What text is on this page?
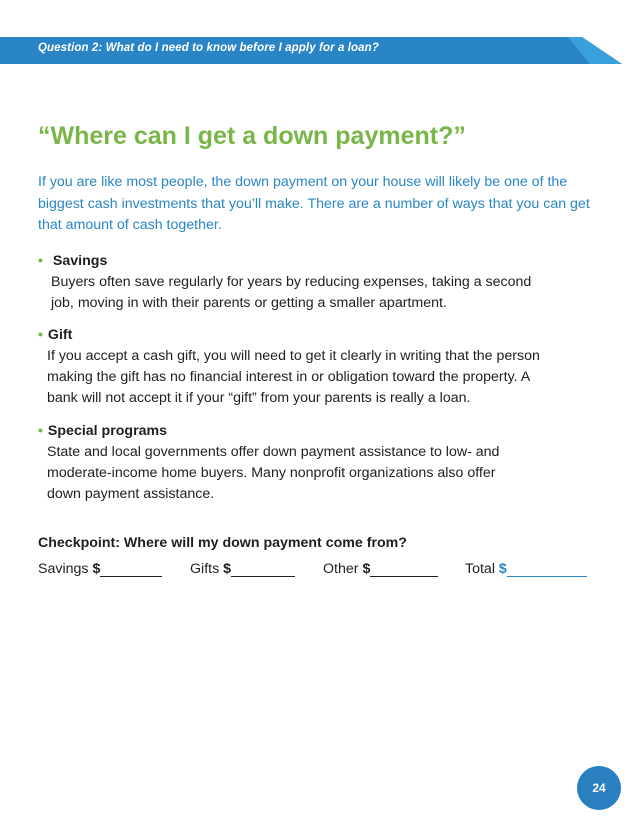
Question 2: What do I need to know before I apply for a loan?
“Where can I get a down payment?”
If you are like most people, the down payment on your house will likely be one of the biggest cash investments that you’ll make. There are a number of ways that you can get that amount of cash together.
• Savings
Buyers often save regularly for years by reducing expenses, taking a second
job, moving in with their parents or getting a smaller apartment.
• Gift
If you accept a cash gift, you will need to get it clearly in writing that the person
making the gift has no financial interest in or obligation toward the property. A
bank will not accept it if your “gift” from your parents is really a loan.
• Special programs
State and local governments offer down payment assistance to low- and
moderate-income home buyers. Many nonprofit organizations also offer
down payment assistance.
Checkpoint: Where will my down payment come from?
Savings $	Gifts $	Other $	Total $
24
